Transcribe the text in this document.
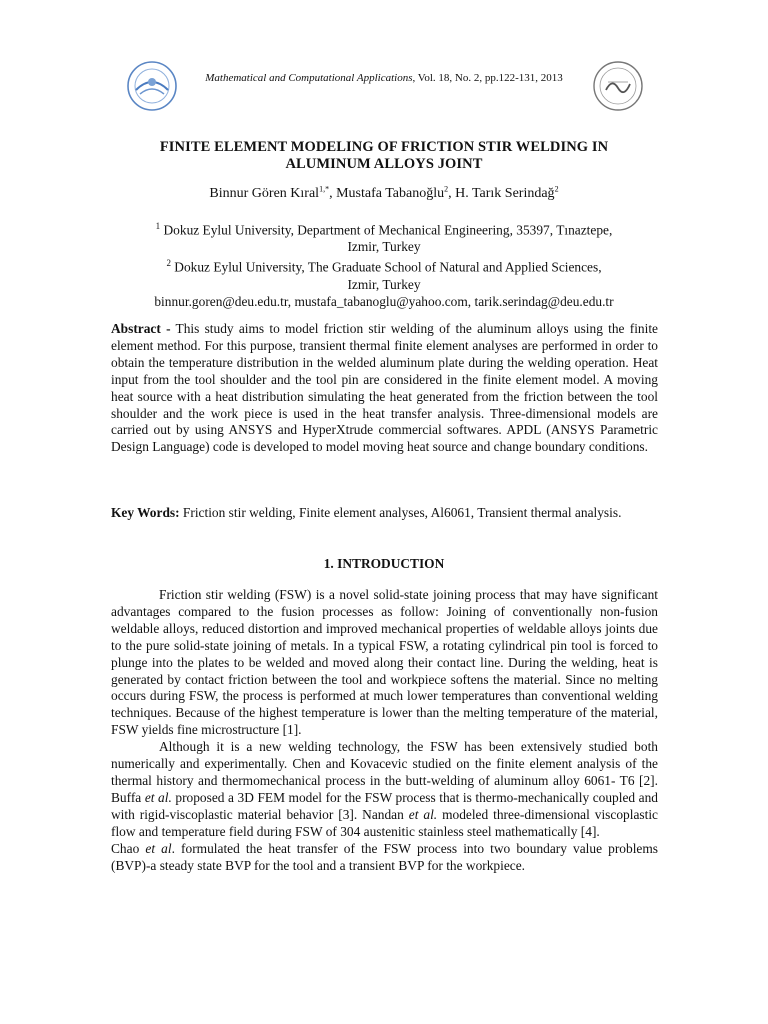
Mathematical and Computational Applications, Vol. 18, No. 2, pp.122-131, 2013
FINITE ELEMENT MODELING OF FRICTION STIR WELDING IN
ALUMINUM ALLOYS JOINT
Binnur Gören Kıral$^{1,*}$, Mustafa Tabanoğlu$^2$, H. Tarık Serindağ$^2$
$^1$ Dokuz Eylul University, Department of Mechanical Engineering, 35397, Tınaztepe,
Izmir, Turkey
$^2$ Dokuz Eylul University, The Graduate School of Natural and Applied Sciences,
Izmir, Turkey
binnur.goren@deu.edu.tr, mustafa_tabanoglu@yahoo.com, tarik.serindag@deu.edu.tr
Abstract - This study aims to model friction stir welding of the aluminum alloys using the finite element method. For this purpose, transient thermal finite element analyses are performed in order to obtain the temperature distribution in the welded aluminum plate during the welding operation. Heat input from the tool shoulder and the tool pin are considered in the finite element model. A moving heat source with a heat distribution simulating the heat generated from the friction between the tool shoulder and the work piece is used in the heat transfer analysis. Three-dimensional models are carried out by using ANSYS and HyperXtrude commercial softwares. APDL (ANSYS Parametric Design Language) code is developed to model moving heat source and change boundary conditions.
Key Words: Friction stir welding, Finite element analyses, Al6061, Transient thermal analysis.
1. INTRODUCTION

Friction stir welding (FSW) is a novel solid-state joining process that may have significant advantages compared to the fusion processes as follow: Joining of conventionally non-fusion weldable alloys, reduced distortion and improved mechanical properties of weldable alloys joints due to the pure solid-state joining of metals. In a typical FSW, a rotating cylindrical pin tool is forced to plunge into the plates to be welded and moved along their contact line. During the welding, heat is generated by contact friction between the tool and workpiece softens the material. Since no melting occurs during FSW, the process is performed at much lower temperatures than conventional welding techniques. Because of the highest temperature is lower than the melting temperature of the material, FSW yields fine microstructure [1].

Although it is a new welding technology, the FSW has been extensively studied both numerically and experimentally. Chen and Kovacevic studied on the finite element analysis of the thermal history and thermomechanical process in the butt-welding of aluminum alloy 6061- T6 [2]. Buffa et al. proposed a 3D FEM model for the FSW process that is thermo-mechanically coupled and with rigid-viscoplastic material behavior [3]. Nandan et al. modeled three-dimensional viscoplastic flow and temperature field during FSW of 304 austenitic stainless steel mathematically [4].

Chao et al. formulated the heat transfer of the FSW process into two boundary value problems (BVP)-a steady state BVP for the tool and a transient BVP for the workpiece.
